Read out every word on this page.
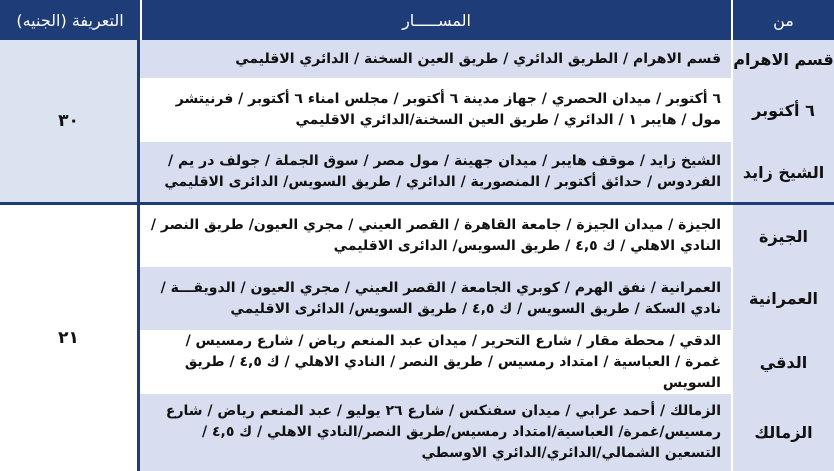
من
المســـــار
التعريفة (الجنيه)
قسم الاهرام
قسم الاهرام / الطريق الدائري / طريق العين السخنة / الدائري الاقليمي
٦ أكتوبر
٦ أكتوبر / ميدان الحصري / جهاز مدينة ٦ أكتوبر / مجلس امناء ٦ أكتوبر / فرنيتشر مول / هايبر ١ / الدائري / طريق العين السخنة/الدائري الاقليمي
الشيخ زايد
الشيخ زايد / موقف هايبر / ميدان جهينة / مول مصر / سوق الجملة / جولف در يم / الفردوس / حدائق أكتوبر / المنصورية / الدائري / طريق السويس/ الدائرى الاقليمي
الجيزة
الجيزة / ميدان الجيزة / جامعة القاهرة / القصر العيني / مجري العيون/ طريق النصر / النادي الاهلي / ك ٤,٥ / طريق السويس/ الدائرى الاقليمي
العمرانية
العمرانية / نفق الهرم / كوبري الجامعة / القصر العيني / مجري العيون / الدويقـــة / نادي السكة / طريق السويس / ك ٤,٥ / طريق السويس/ الدائرى الاقليمي
الدقي
الدقي / محطة مقار / شارع التحرير / ميدان عبد المنعم رياض / شارع رمسيس / غمرة / العباسية / امتداد رمسيس / طريق النصر / النادي الاهلي / ك ٤,٥ / طريق السويس
الزمالك
الزمالك / أحمد عرابي / ميدان سفنكس / شارع ٢٦ يوليو / عبد المنعم رياض / شارع رمسيس/غمرة/ العباسية/امتداد رمسيس/طريق النصر/النادي الاهلي / ك ٤,٥ /التسعين الشمالي/الدائري/الدائري الاوسطي
٣٠
٢١
